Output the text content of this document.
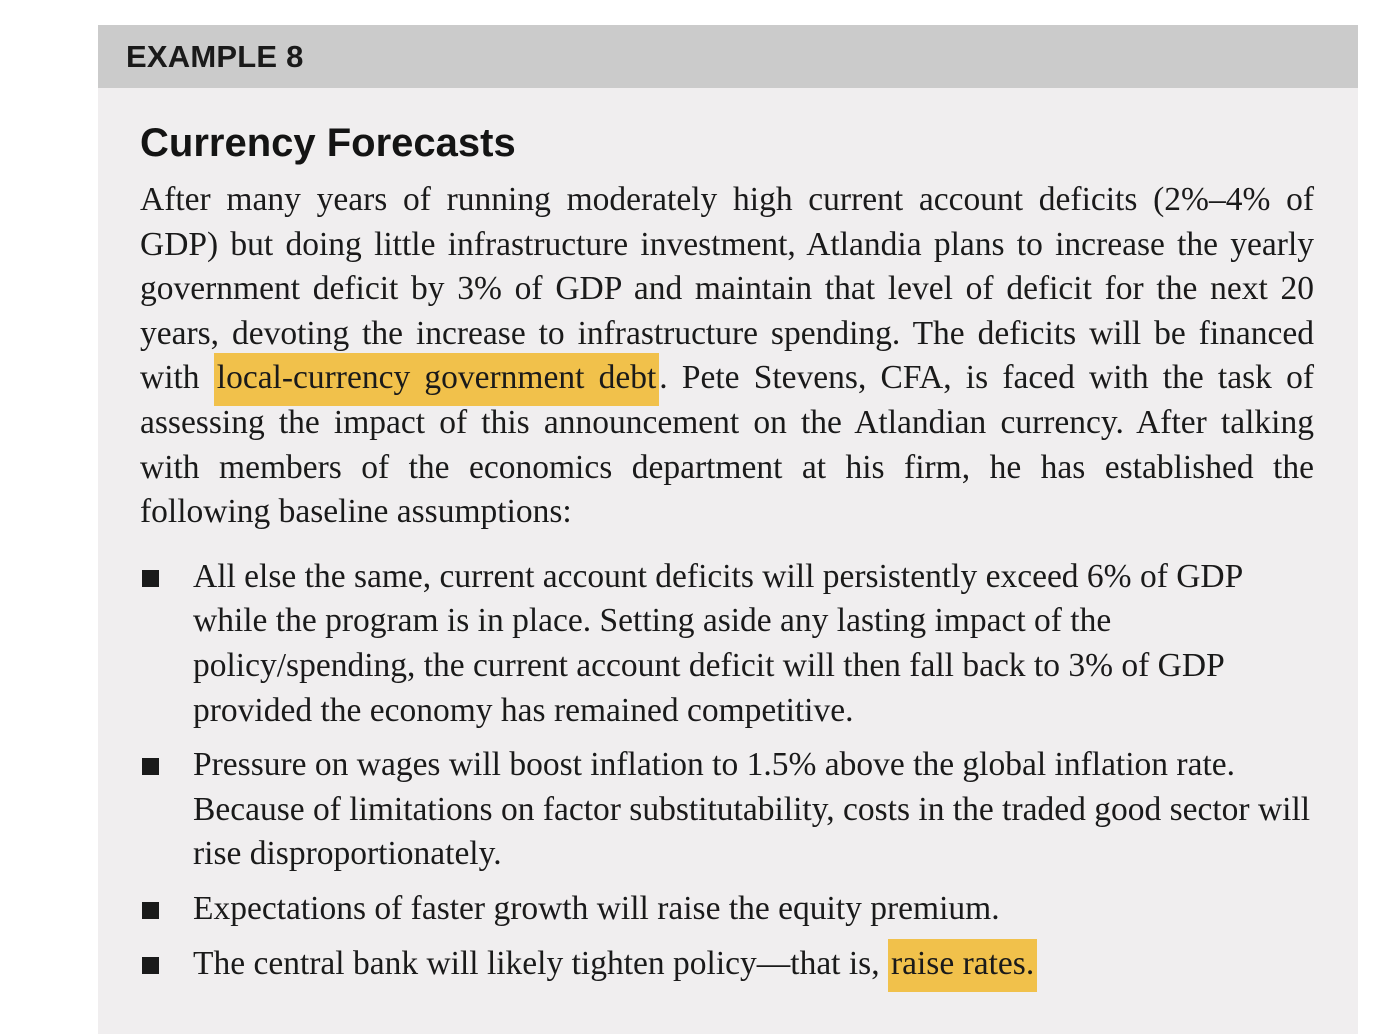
EXAMPLE 8
Currency Forecasts

After many years of running moderately high current account deficits (2%–4% of GDP) but doing little infrastructure investment, Atlandia plans to increase the yearly government deficit by 3% of GDP and maintain that level of deficit for the next 20 years, devoting the increase to infrastructure spending. The deficits will be financed with local-currency government debt. Pete Stevens, CFA, is faced with the task of assessing the impact of this announcement on the Atlandian currency. After talking with members of the economics department at his firm, he has established the following baseline assumptions:

All else the same, current account deficits will persistently exceed 6% of GDP while the program is in place. Setting aside any lasting impact of the policy/spending, the current account deficit will then fall back to 3% of GDP provided the economy has remained competitive.
Pressure on wages will boost inflation to 1.5% above the global inflation rate. Because of limitations on factor substitutability, costs in the traded good sector will rise disproportionately.
Expectations of faster growth will raise the equity premium.
The central bank will likely tighten policy—that is, raise rates.
